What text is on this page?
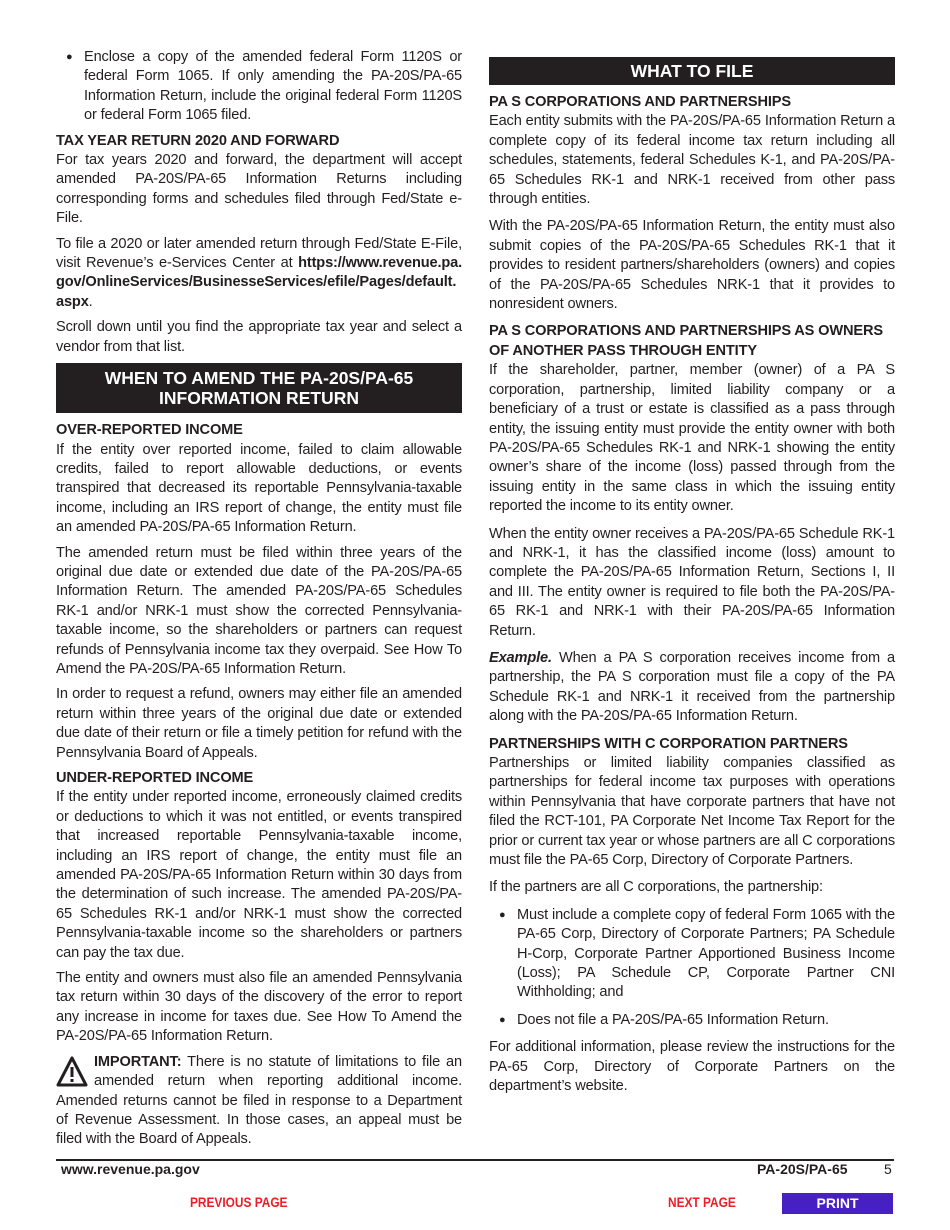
● Enclose a copy of the amended federal Form 1120S or federal Form 1065. If only amending the PA-20S/PA-65 Information Return, include the original federal Form 1120S or federal Form 1065 filed.
TAX YEAR RETURN 2020 AND FORWARD

For tax years 2020 and forward, the department will accept amended PA-20S/PA-65 Information Returns including corresponding forms and schedules filed through Fed/State e-File.

To file a 2020 or later amended return through Fed/State E-File, visit Revenue’s e-Services Center at https://www.revenue.pa.gov/OnlineServices/BusinesseServices/efile/Pages/default.aspx.

Scroll down until you find the appropriate tax year and select a vendor from that list.

WHEN TO AMEND THE PA-20S/PA-65
INFORMATION RETURN
OVER-REPORTED INCOME

If the entity over reported income, failed to claim allowable credits, failed to report allowable deductions, or events transpired that decreased its reportable Pennsylvania-taxable income, including an IRS report of change, the entity must file an amended PA-20S/PA-65 Information Return.

The amended return must be filed within three years of the original due date or extended due date of the PA-20S/PA-65 Information Return. The amended PA-20S/PA-65 Schedules RK-1 and/or NRK-1 must show the corrected Pennsylvania-taxable income, so the shareholders or partners can request refunds of Pennsylvania income tax they overpaid. See How To Amend the PA-20S/PA-65 Information Return.

In order to request a refund, owners may either file an amended return within three years of the original due date or extended due date of their return or file a timely petition for refund with the Pennsylvania Board of Appeals.

UNDER-REPORTED INCOME

If the entity under reported income, erroneously claimed credits or deductions to which it was not entitled, or events transpired that increased reportable Pennsylvania-taxable income, including an IRS report of change, the entity must file an amended PA-20S/PA-65 Information Return within 30 days from the determination of such increase. The amended PA-20S/PA-65 Schedules RK-1 and/or NRK-1 must show the corrected Pennsylvania-taxable income so the shareholders or partners can pay the tax due.

The entity and owners must also file an amended Pennsylvania tax return within 30 days of the discovery of the error to report any increase in income for taxes due. See How To Amend the PA-20S/PA-65 Information Return.

IMPORTANT: There is no statute of limitations to file an amended return when reporting additional income. Amended returns cannot be filed in response to a Department of Revenue Assessment. In those cases, an appeal must be filed with the Board of Appeals.

WHAT TO FILE
PA S CORPORATIONS AND PARTNERSHIPS

Each entity submits with the PA-20S/PA-65 Information Return a complete copy of its federal income tax return including all schedules, statements, federal Schedules K-1, and PA-20S/PA-65 Schedules RK-1 and NRK-1 received from other pass through entities.

With the PA-20S/PA-65 Information Return, the entity must also submit copies of the PA-20S/PA-65 Schedules RK-1 that it provides to resident partners/shareholders (owners) and copies of the PA-20S/PA-65 Schedules NRK-1 that it provides to nonresident owners.

PA S CORPORATIONS AND PARTNERSHIPS AS OWNERS OF ANOTHER PASS THROUGH ENTITY

If the shareholder, partner, member (owner) of a PA S corporation, partnership, limited liability company or a beneficiary of a trust or estate is classified as a pass through entity, the issuing entity must provide the entity owner with both PA-20S/PA-65 Schedules RK-1 and NRK-1 showing the entity owner’s share of the income (loss) passed through from the issuing entity in the same class in which the issuing entity reported the income to its entity owner.

When the entity owner receives a PA-20S/PA-65 Schedule RK-1 and NRK-1, it has the classified income (loss) amount to complete the PA-20S/PA-65 Information Return, Sections I, II and III. The entity owner is required to file both the PA-20S/PA-65 RK-1 and NRK-1 with their PA-20S/PA-65 Information Return.

Example. When a PA S corporation receives income from a partnership, the PA S corporation must file a copy of the PA Schedule RK-1 and NRK-1 it received from the partnership along with the PA-20S/PA-65 Information Return.

PARTNERSHIPS WITH C CORPORATION PARTNERS

Partnerships or limited liability companies classified as partnerships for federal income tax purposes with operations within Pennsylvania that have corporate partners that have not filed the RCT-101, PA Corporate Net Income Tax Report for the prior or current tax year or whose partners are all C corporations must file the PA-65 Corp, Directory of Corporate Partners.

If the partners are all C corporations, the partnership:

● Must include a complete copy of federal Form 1065 with the PA-65 Corp, Directory of Corporate Partners; PA Schedule H-Corp, Corporate Partner Apportioned Business Income (Loss); PA Schedule CP, Corporate Partner CNI Withholding; and
● Does not file a PA-20S/PA-65 Information Return.

For additional information, please review the instructions for the PA-65 Corp, Directory of Corporate Partners on the department’s website.

www.revenue.pa.gov	PA-20S/PA-65	5
PREVIOUS PAGE	NEXT PAGE	PRINT
